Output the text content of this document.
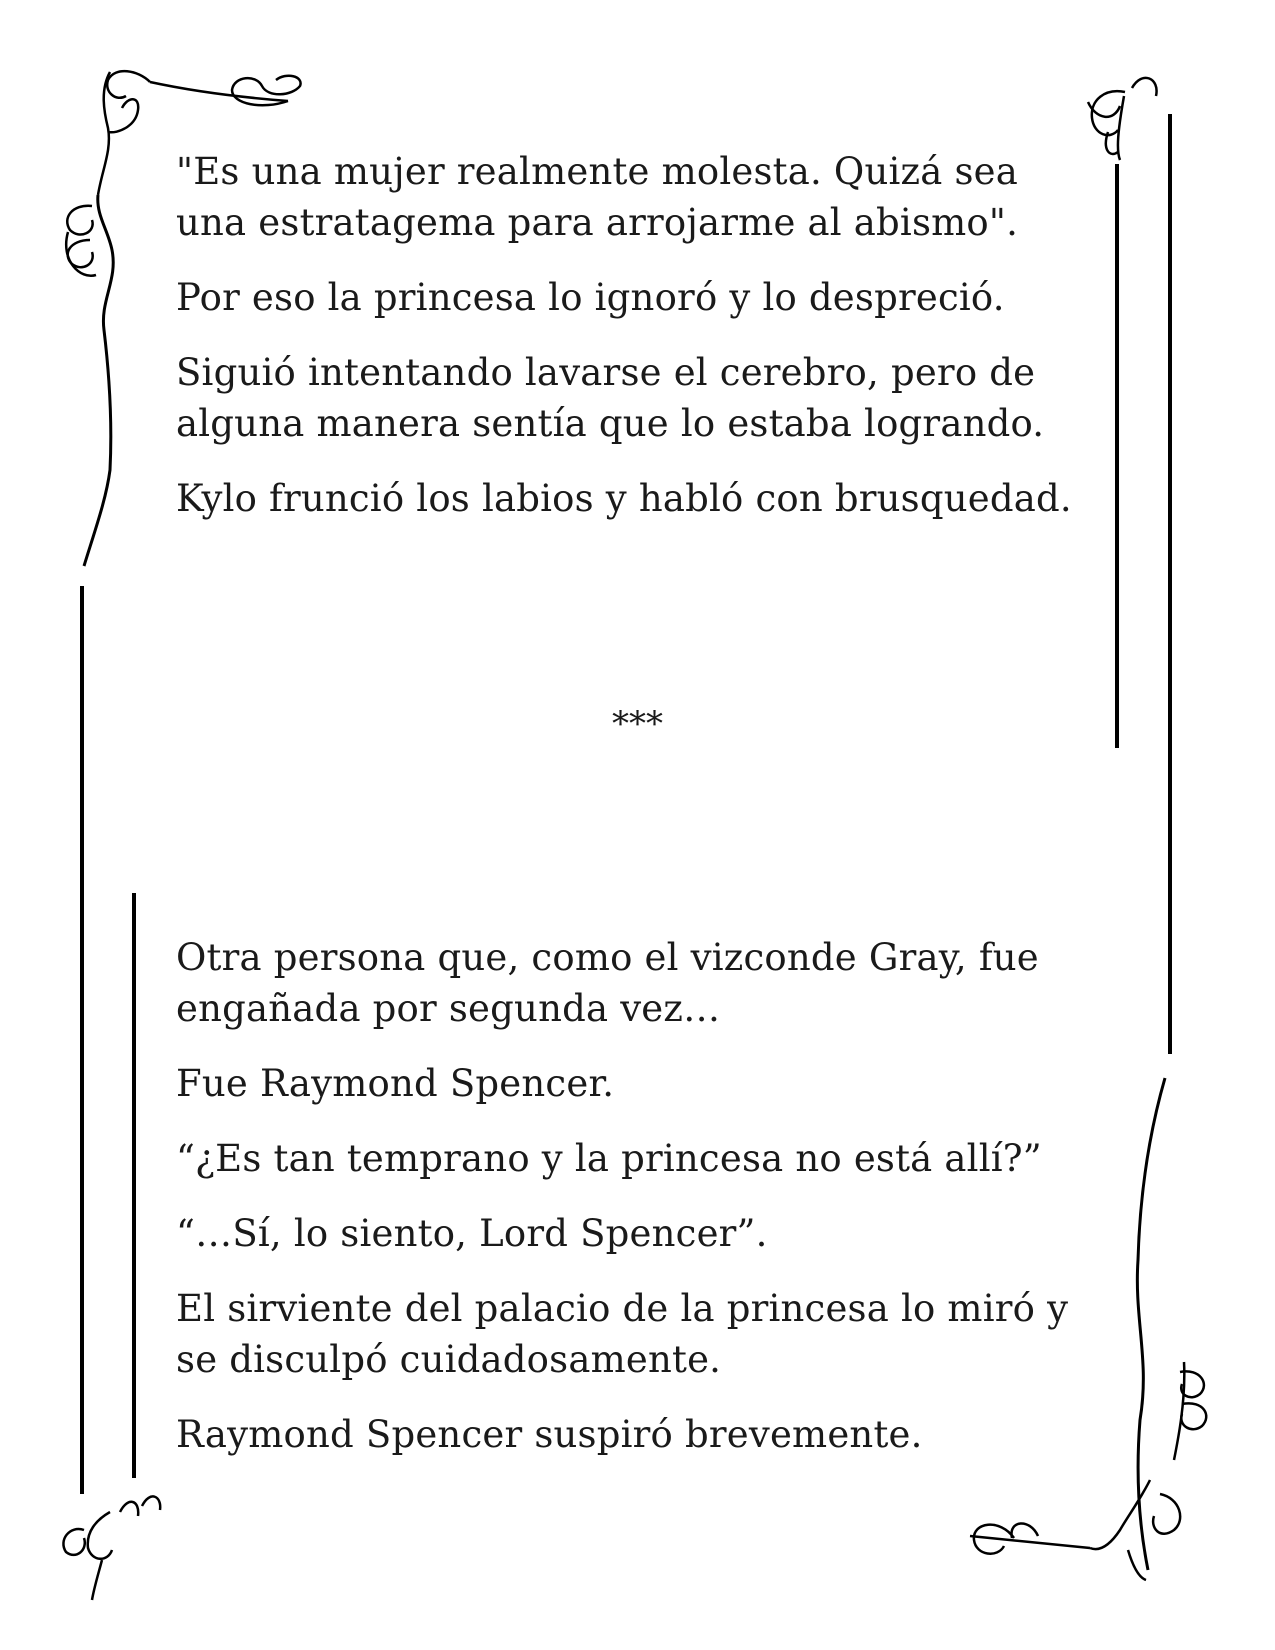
"Es una mujer realmente molesta. Quizá sea
una estratagema para arrojarme al abismo".
Por eso la princesa lo ignoró y lo despreció.
Siguió intentando lavarse el cerebro, pero de
alguna manera sentía que lo estaba logrando.
Kylo frunció los labios y habló con brusquedad.
***
Otra persona que, como el vizconde Gray, fue
engañada por segunda vez…
Fue Raymond Spencer.
“¿Es tan temprano y la princesa no está allí?”
“…Sí, lo siento, Lord Spencer”.
El sirviente del palacio de la princesa lo miró y
se disculpó cuidadosamente.
Raymond Spencer suspiró brevemente.
